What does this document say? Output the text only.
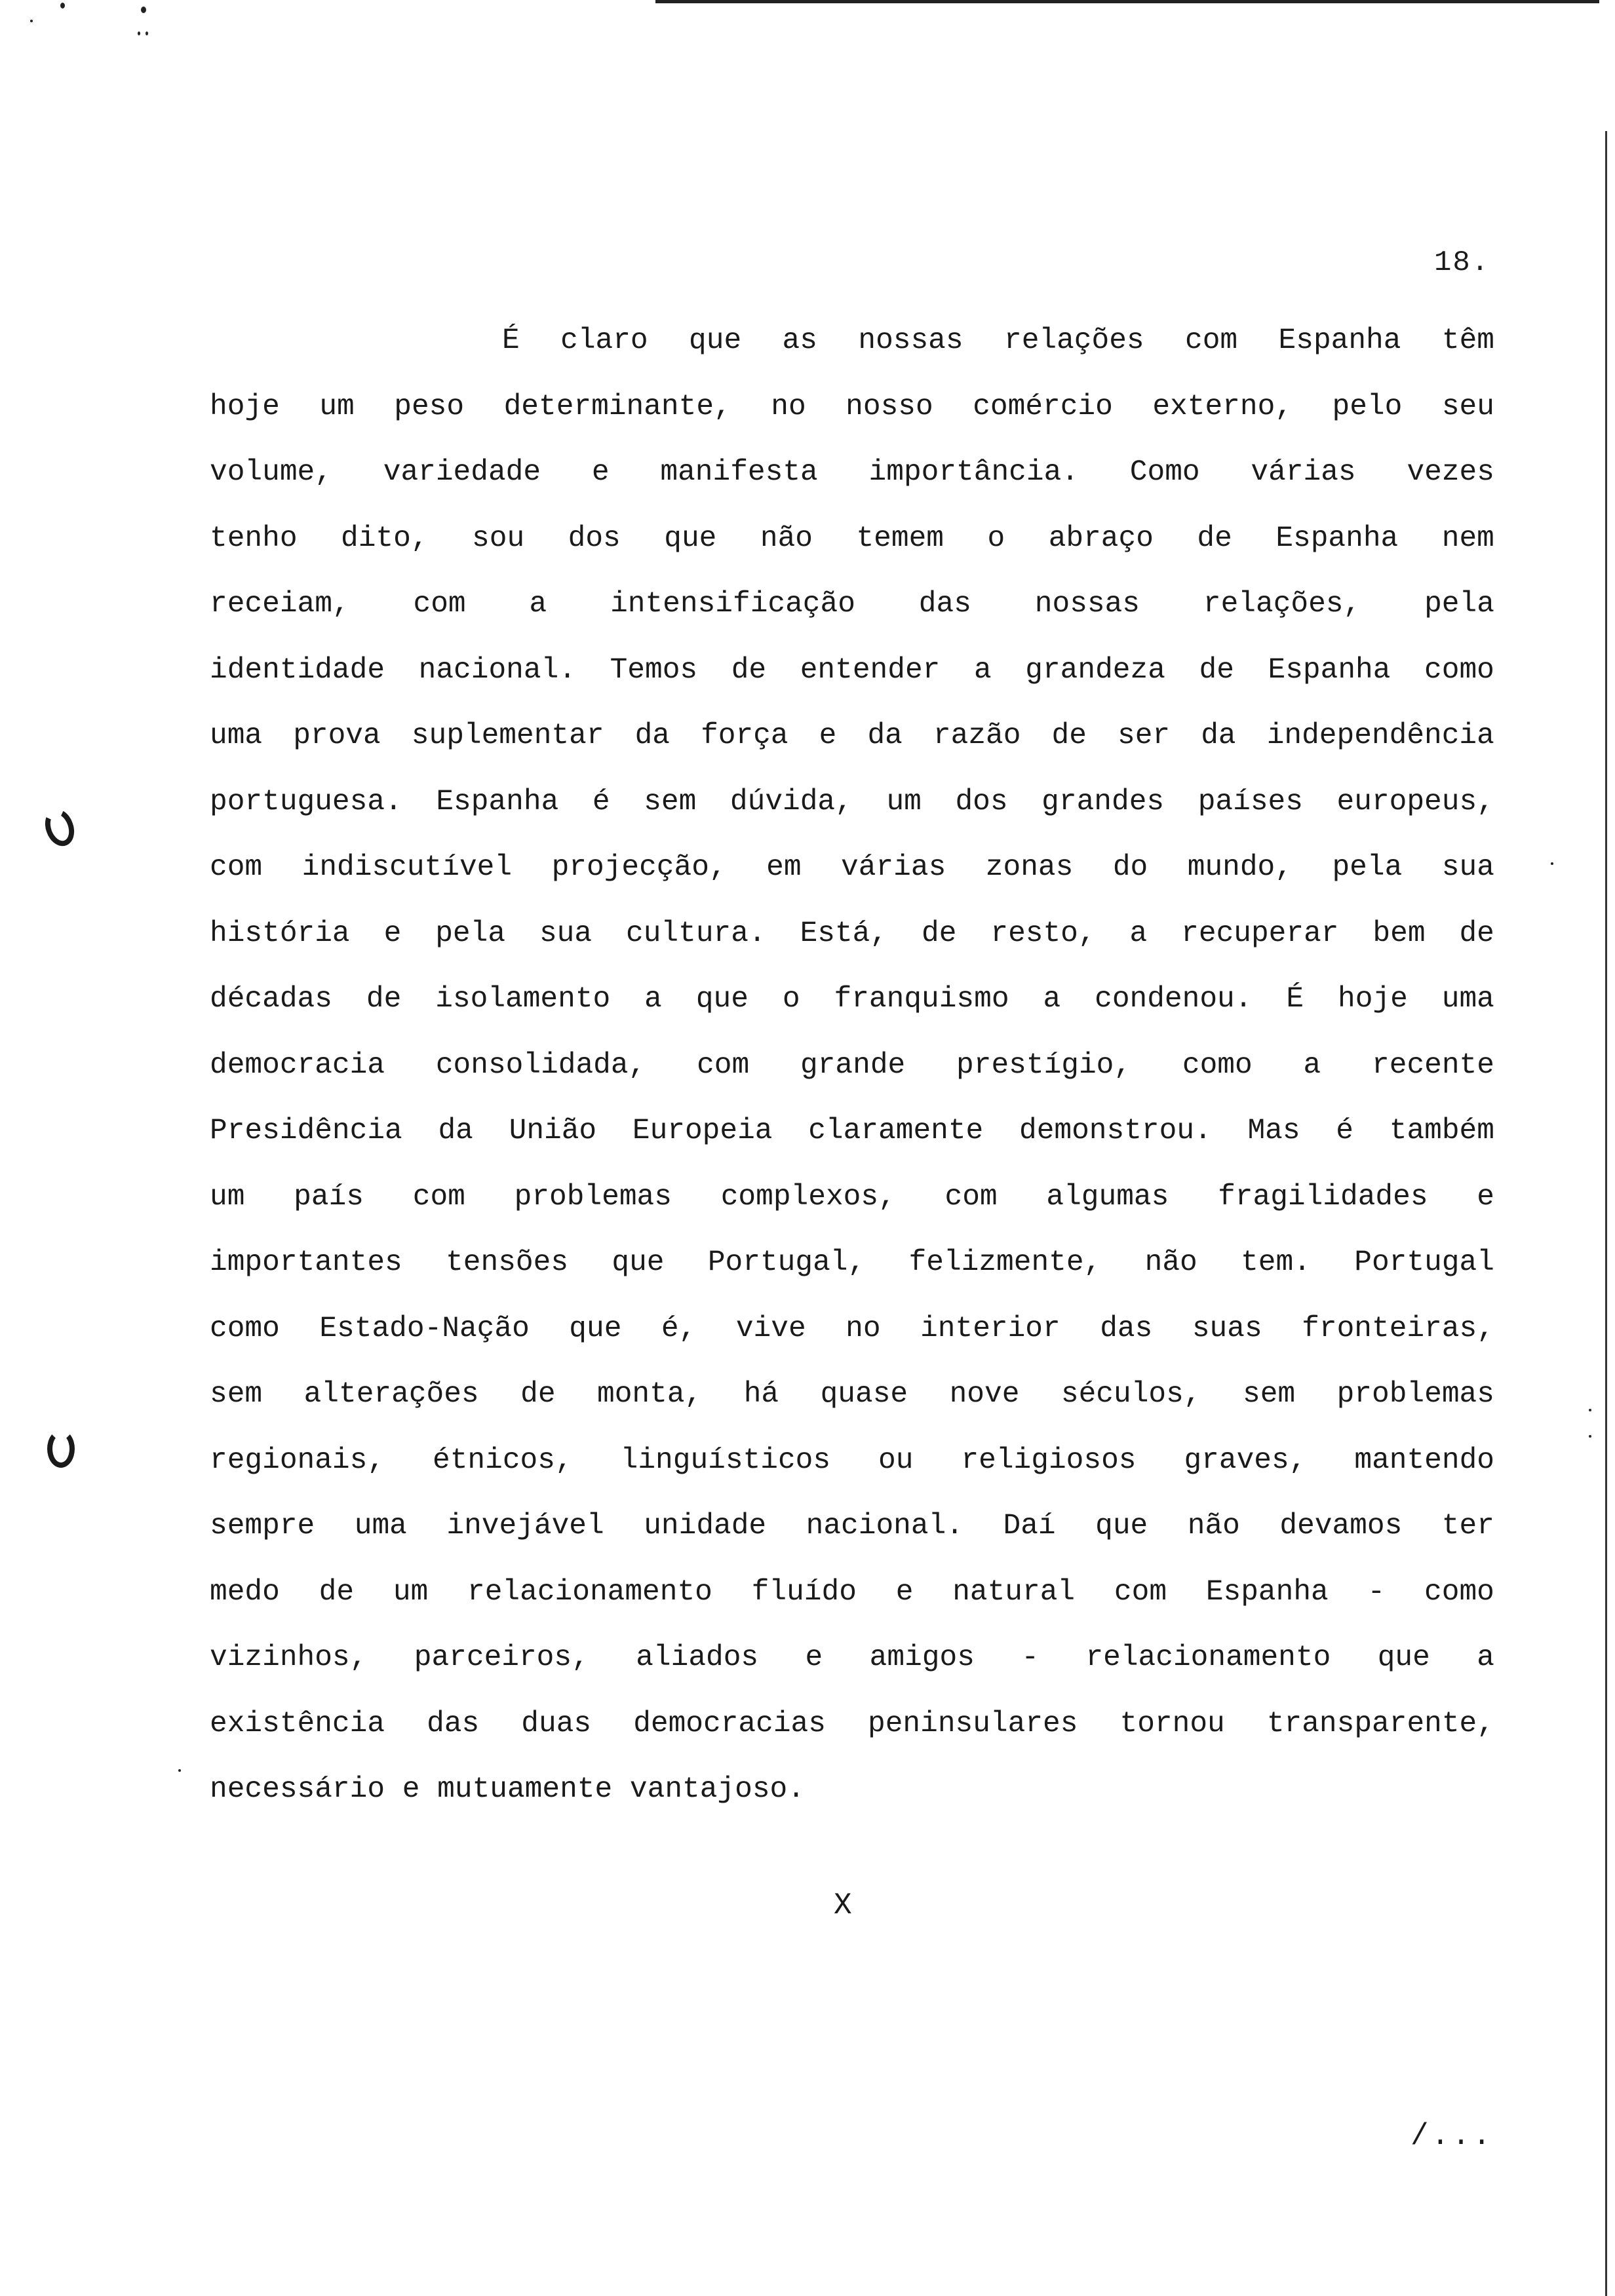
18.
É claro que as nossas relações com Espanha têm
hoje um peso determinante, no nosso comércio externo, pelo seu
volume, variedade e manifesta importância. Como várias vezes
tenho dito, sou dos que não temem o abraço de Espanha nem
receiam, com a intensificação das nossas relações, pela
identidade nacional. Temos de entender a grandeza de Espanha como
uma prova suplementar da força e da razão de ser da independência
portuguesa. Espanha é sem dúvida, um dos grandes países europeus,
com indiscutível projecção, em várias zonas do mundo, pela sua
história e pela sua cultura. Está, de resto, a recuperar bem de
décadas de isolamento a que o franquismo a condenou. É hoje uma
democracia consolidada, com grande prestígio, como a recente
Presidência da União Europeia claramente demonstrou. Mas é também
um país com problemas complexos, com algumas fragilidades e
importantes tensões que Portugal, felizmente, não tem. Portugal
como Estado-Nação que é, vive no interior das suas fronteiras,
sem alterações de monta, há quase nove séculos, sem problemas
regionais, étnicos, linguísticos ou religiosos graves, mantendo
sempre uma invejável unidade nacional. Daí que não devamos ter
medo de um relacionamento fluído e natural com Espanha - como
vizinhos, parceiros, aliados e amigos - relacionamento que a
existência das duas democracias peninsulares tornou transparente,
necessário e mutuamente vantajoso.
X
/...
